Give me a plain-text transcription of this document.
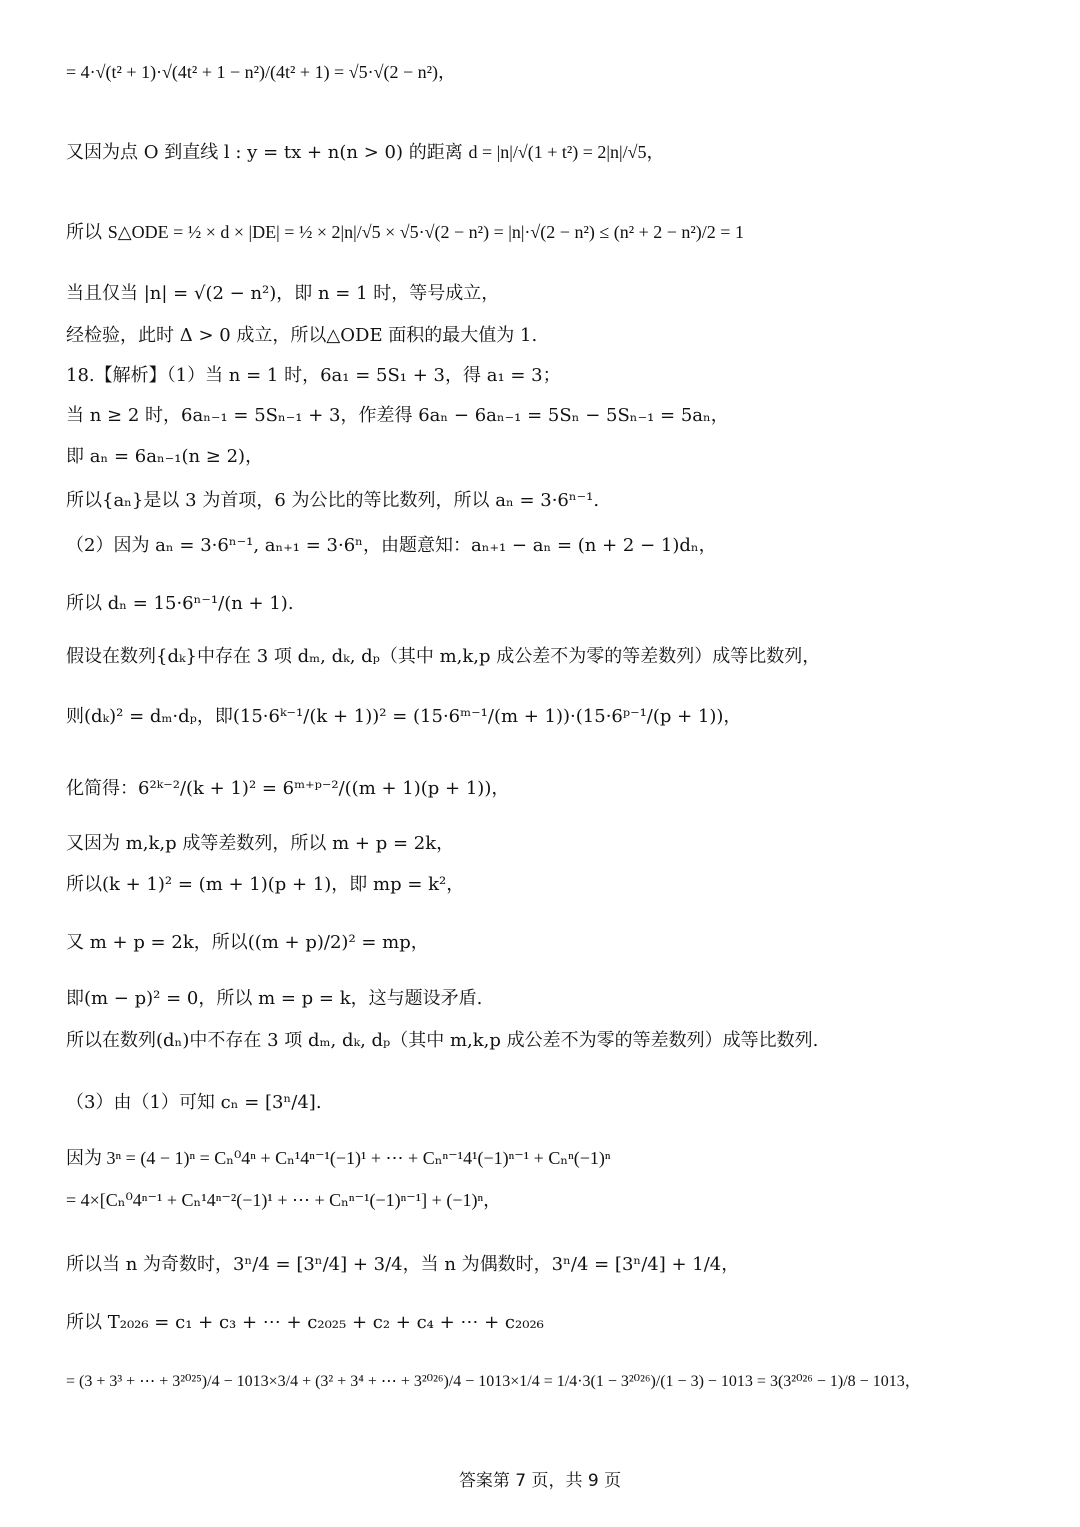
= 4·√(t² + 1)·√(4t² + 1 − n²)/(4t² + 1) = √5·√(2 − n²)，
又因为点 O 到直线 l : y = tx + n(n > 0) 的距离 d = |n|/√(1 + t²) = 2|n|/√5，
所以 S△ODE = ½ × d × |DE| = ½ × 2|n|/√5 × √5·√(2 − n²) = |n|·√(2 − n²) ≤ (n² + 2 − n²)/2 = 1
当且仅当 |n| = √(2 − n²)，即 n = 1 时，等号成立，
经检验，此时 Δ > 0 成立，所以△ODE 面积的最大值为 1.
18.【解析】（1）当 n = 1 时，6a₁ = 5S₁ + 3，得 a₁ = 3；
当 n ≥ 2 时，6aₙ₋₁ = 5Sₙ₋₁ + 3，作差得 6aₙ − 6aₙ₋₁ = 5Sₙ − 5Sₙ₋₁ = 5aₙ，
即 aₙ = 6aₙ₋₁(n ≥ 2)，
所以{aₙ}是以 3 为首项，6 为公比的等比数列，所以 aₙ = 3·6ⁿ⁻¹.
（2）因为 aₙ = 3·6ⁿ⁻¹, aₙ₊₁ = 3·6ⁿ，由题意知：aₙ₊₁ − aₙ = (n + 2 − 1)dₙ，
所以 dₙ = 15·6ⁿ⁻¹/(n + 1).
假设在数列{dₖ}中存在 3 项 dₘ, dₖ, dₚ（其中 m,k,p 成公差不为零的等差数列）成等比数列，
则(dₖ)² = dₘ·dₚ，即(15·6ᵏ⁻¹/(k + 1))² = (15·6ᵐ⁻¹/(m + 1))·(15·6ᵖ⁻¹/(p + 1))，
化简得：6²ᵏ⁻²/(k + 1)² = 6ᵐ⁺ᵖ⁻²/((m + 1)(p + 1))，
又因为 m,k,p 成等差数列，所以 m + p = 2k，
所以(k + 1)² = (m + 1)(p + 1)，即 mp = k²，
又 m + p = 2k，所以((m + p)/2)² = mp，
即(m − p)² = 0，所以 m = p = k，这与题设矛盾.
所以在数列(dₙ)中不存在 3 项 dₘ, dₖ, dₚ（其中 m,k,p 成公差不为零的等差数列）成等比数列.
（3）由（1）可知 cₙ = [3ⁿ/4].
因为 3ⁿ = (4 − 1)ⁿ = Cₙ⁰4ⁿ + Cₙ¹4ⁿ⁻¹(−1)¹ + ⋯ + Cₙⁿ⁻¹4¹(−1)ⁿ⁻¹ + Cₙⁿ(−1)ⁿ
= 4×[Cₙ⁰4ⁿ⁻¹ + Cₙ¹4ⁿ⁻²(−1)¹ + ⋯ + Cₙⁿ⁻¹(−1)ⁿ⁻¹] + (−1)ⁿ，
所以当 n 为奇数时，3ⁿ/4 = [3ⁿ/4] + 3/4，当 n 为偶数时，3ⁿ/4 = [3ⁿ/4] + 1/4，
所以 T₂₀₂₆ = c₁ + c₃ + ⋯ + c₂₀₂₅ + c₂ + c₄ + ⋯ + c₂₀₂₆
= (3 + 3³ + ⋯ + 3²⁰²⁵)/4 − 1013×3/4 + (3² + 3⁴ + ⋯ + 3²⁰²⁶)/4 − 1013×1/4 = 1/4·3(1 − 3²⁰²⁶)/(1 − 3) − 1013 = 3(3²⁰²⁶ − 1)/8 − 1013，
答案第 7 页，共 9 页
